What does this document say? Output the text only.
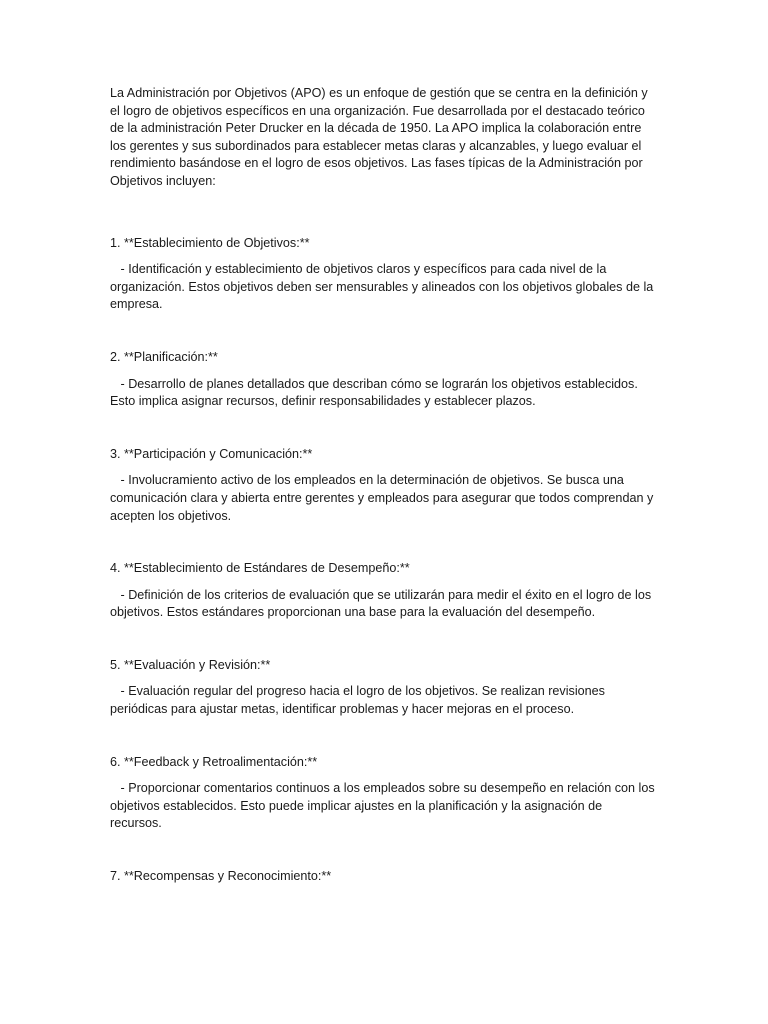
La Administración por Objetivos (APO) es un enfoque de gestión que se centra en la definición y el logro de objetivos específicos en una organización. Fue desarrollada por el destacado teórico de la administración Peter Drucker en la década de 1950. La APO implica la colaboración entre los gerentes y sus subordinados para establecer metas claras y alcanzables, y luego evaluar el rendimiento basándose en el logro de esos objetivos. Las fases típicas de la Administración por Objetivos incluyen:

1. **Establecimiento de Objetivos:**

- Identificación y establecimiento de objetivos claros y específicos para cada nivel de la organización. Estos objetivos deben ser mensurables y alineados con los objetivos globales de la empresa.

2. **Planificación:**

- Desarrollo de planes detallados que describan cómo se lograrán los objetivos establecidos. Esto implica asignar recursos, definir responsabilidades y establecer plazos.

3. **Participación y Comunicación:**

- Involucramiento activo de los empleados en la determinación de objetivos. Se busca una comunicación clara y abierta entre gerentes y empleados para asegurar que todos comprendan y acepten los objetivos.

4. **Establecimiento de Estándares de Desempeño:**

- Definición de los criterios de evaluación que se utilizarán para medir el éxito en el logro de los objetivos. Estos estándares proporcionan una base para la evaluación del desempeño.

5. **Evaluación y Revisión:**

- Evaluación regular del progreso hacia el logro de los objetivos. Se realizan revisiones periódicas para ajustar metas, identificar problemas y hacer mejoras en el proceso.

6. **Feedback y Retroalimentación:**

- Proporcionar comentarios continuos a los empleados sobre su desempeño en relación con los objetivos establecidos. Esto puede implicar ajustes en la planificación y la asignación de recursos.

7. **Recompensas y Reconocimiento:**
